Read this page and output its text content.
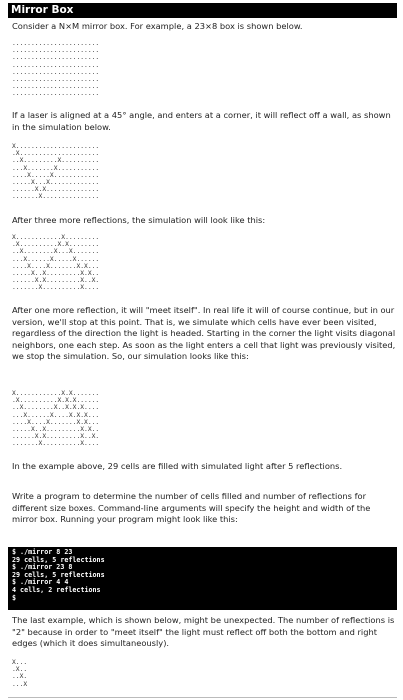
Mirror Box

Consider a N×M mirror box. For example, a 23×8 box is shown below.

.......................
.......................
.......................
.......................
.......................
.......................
.......................
.......................

If a laser is aligned at a 45° angle, and enters at a corner, it will reflect off a wall, as shown in the simulation below.

X......................
.X.....................
..X.........X..........
...X.......X...........
....X.....X............
.....X...X.............
......X.X..............
.......X...............

After three more reflections, the simulation will look like this:

X............X.........
.X..........X.X........
..X........X...X.......
...X......X.....X......
....X....X.......X.X...
.....X..X.........X.X..
......X.X.........X..X.
.......X..........X....

After one more reflection, it will "meet itself". In real life it will of course continue, but in our version, we'll stop at this point. That is, we simulate which cells have ever been visited, regardless of the direction the light is headed. Starting in the corner the light visits diagonal neighbors, one each step. As soon as the light enters a cell that light was previously visited, we stop the simulation. So, our simulation looks like this:

X............X.X.......
.X..........X.X.X......
..X........X..X.X.X....
...X......X....X.X.X...
....X....X.......X.X...
.....X..X.........X.X..
......X.X.........X..X.
.......X..........X....

In the example above, 29 cells are filled with simulated light after 5 reflections.

Write a program to determine the number of cells filled and number of reflections for different size boxes. Command-line arguments will specify the height and width of the mirror box. Running your program might look like this:

$ ./mirror 8 23
29 cells, 5 reflections
$ ./mirror 23 8
29 cells, 5 reflections
$ ./mirror 4 4
4 cells, 2 reflections
$

The last example, which is shown below, might be unexpected. The number of reflections is "2" because in order to "meet itself" the light must reflect off both the bottom and right edges (which it does simultaneously).

X...
.X..
..X.
...X
